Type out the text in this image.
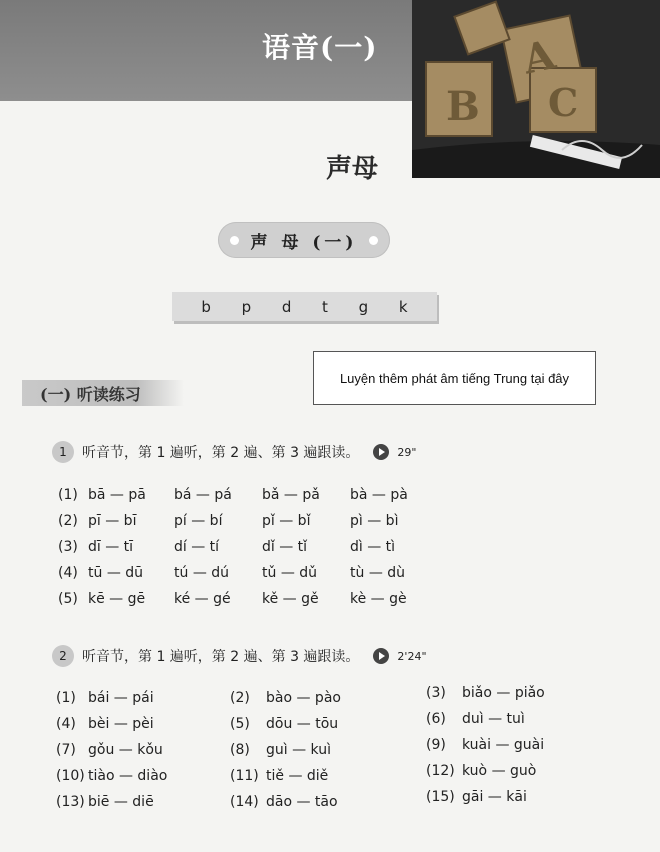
语音(一)
B
A
C
声母
声 母 (一)
b p d t g k
Luyện thêm phát âm tiếng Trung tại đây
(一) 听读练习
1	听音节，第 1 遍听，第 2 遍、第 3 遍跟读。	29"
(1) bā — pā bá — pá bǎ — pǎ bà — pà
(2) pī — bī	pí — bí	pǐ — bǐ	pì — bì
(3) dī — tī	dí — tí	dǐ — tǐ	dì — tì
(4) tū — dū tú — dú tǔ — dǔ tù — dù
(5) kē — gē ké — gé kě — gě kè — gè
2	听音节，第 1 遍听，第 2 遍、第 3 遍跟读。	2'24"
(1) bái — pái	(2) bào — pào	(3) biǎo — piǎo
(4) bèi — pèi	(5) dōu — tōu	(6) duì — tuì
(7) gǒu — kǒu	(8) guì — kuì	(9) kuài — guài
(10) tiào — diào	(11) tiě — diě	(12) kuò — guò
(13) biē — diē	(14) dāo — tāo	(15) gāi — kāi
